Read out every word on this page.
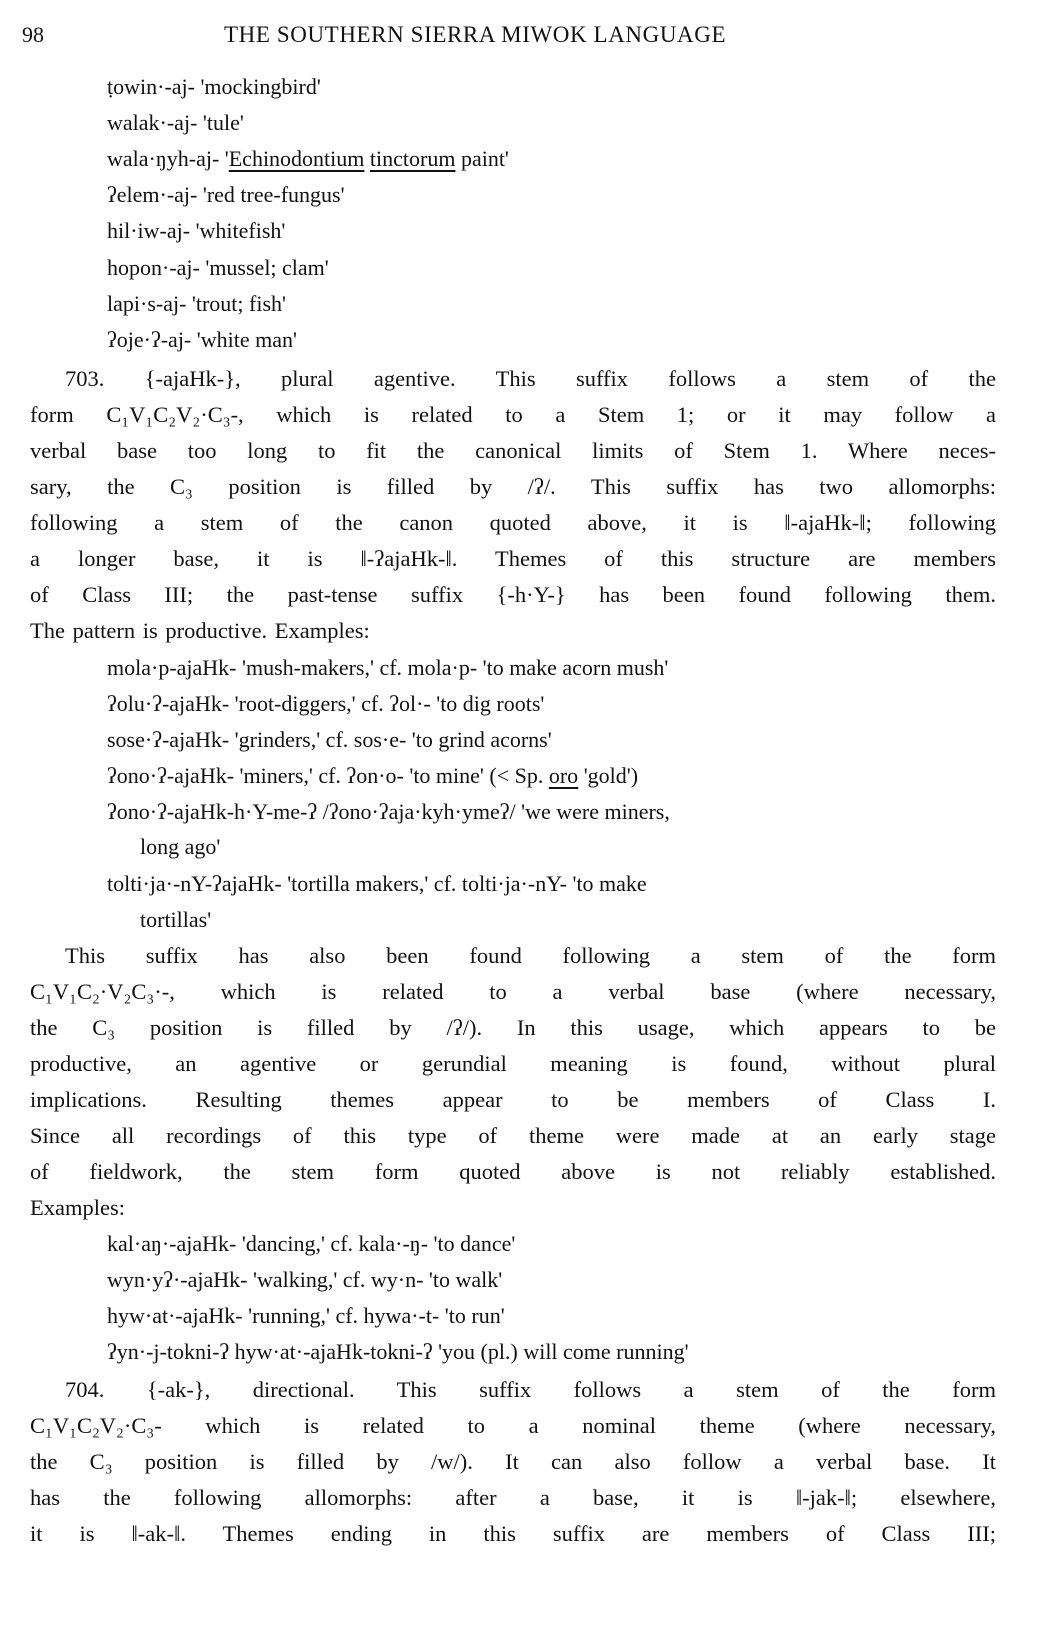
98	THE SOUTHERN SIERRA MIWOK LANGUAGE
ṭowin·-aj- 'mockingbird'
walak·-aj- 'tule'
wala·ŋyh-aj- 'Echinodontium tinctorum paint'
ʔelem·-aj- 'red tree-fungus'
hil·iw-aj- 'whitefish'
hopon·-aj- 'mussel; clam'
lapi·s-aj- 'trout; fish'
ʔoje·ʔ-aj- 'white man'
703. {-ajaHk-}, plural agentive. This suffix follows a stem of the
form C₁V₁C₂V₂·C₃-, which is related to a Stem 1; or it may follow a
verbal base too long to fit the canonical limits of Stem 1. Where neces-
sary, the C₃ position is filled by /ʔ/. This suffix has two allomorphs:
following a stem of the canon quoted above, it is ‖-ajaHk-‖; following
a longer base, it is ‖-ʔajaHk-‖. Themes of this structure are members
of Class III; the past-tense suffix {-h·Y-} has been found following them.
The pattern is productive. Examples:
mola·p-ajaHk- 'mush-makers,' cf. mola·p- 'to make acorn mush'
ʔolu·ʔ-ajaHk- 'root-diggers,' cf. ʔol·- 'to dig roots'
sose·ʔ-ajaHk- 'grinders,' cf. sos·e- 'to grind acorns'
ʔono·ʔ-ajaHk- 'miners,' cf. ʔon·o- 'to mine' (< Sp. oro 'gold')
ʔono·ʔ-ajaHk-h·Y-me-ʔ /ʔono·ʔaja·kyh·ymeʔ/ 'we were miners,
long ago'
tolti·ja·-nY-ʔajaHk- 'tortilla makers,' cf. tolti·ja·-nY- 'to make
tortillas'
This suffix has also been found following a stem of the form
C₁V₁C₂·V₂C₃·-, which is related to a verbal base (where necessary,
the C₃ position is filled by /ʔ/). In this usage, which appears to be
productive, an agentive or gerundial meaning is found, without plural
implications. Resulting themes appear to be members of Class I.
Since all recordings of this type of theme were made at an early stage
of fieldwork, the stem form quoted above is not reliably established.
Examples:
kal·aŋ·-ajaHk- 'dancing,' cf. kala·-ŋ- 'to dance'
wyn·yʔ·-ajaHk- 'walking,' cf. wy·n- 'to walk'
hyw·at·-ajaHk- 'running,' cf. hywa·-t- 'to run'
ʔyn·-j-tokni-ʔ hyw·at·-ajaHk-tokni-ʔ 'you (pl.) will come running'
704. {-ak-}, directional. This suffix follows a stem of the form
C₁V₁C₂V₂·C₃- which is related to a nominal theme (where necessary,
the C₃ position is filled by /w/). It can also follow a verbal base. It
has the following allomorphs: after a base, it is ‖-jak-‖; elsewhere,
it is ‖-ak-‖. Themes ending in this suffix are members of Class III;
